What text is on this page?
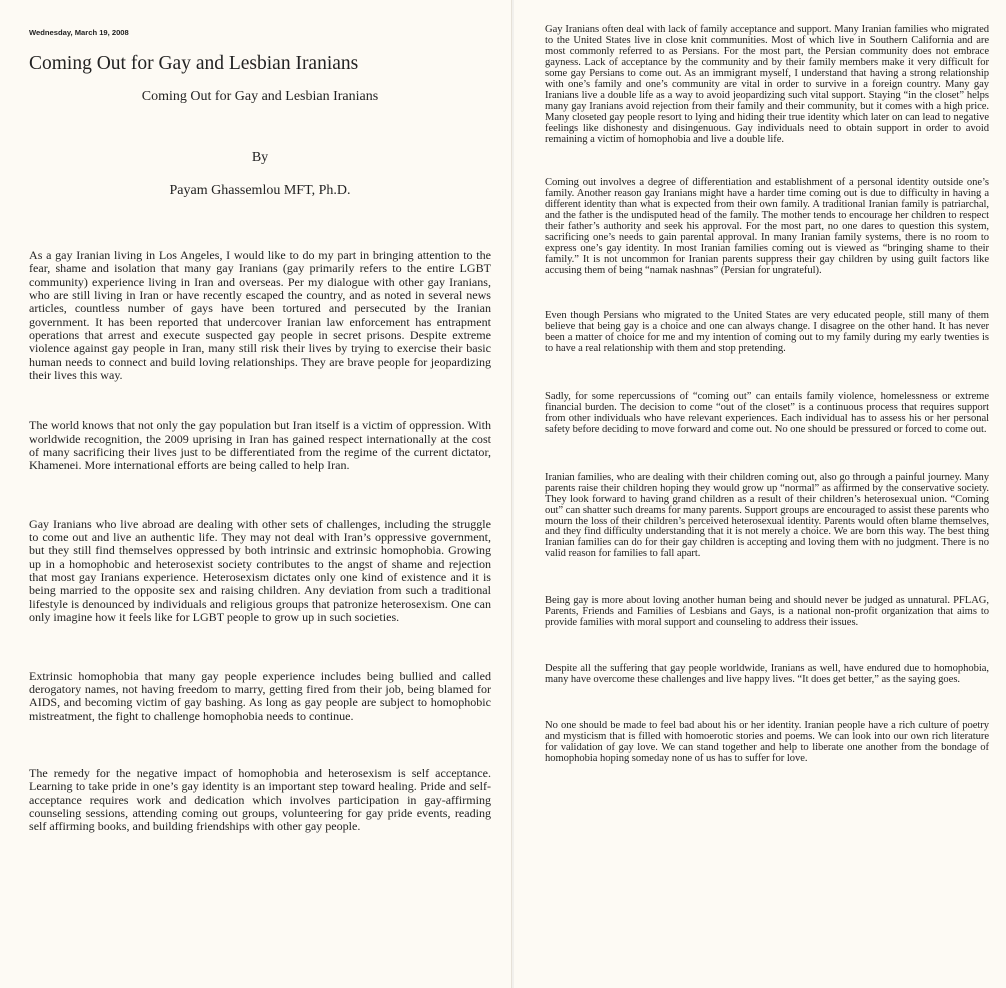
Wednesday, March 19, 2008

Coming Out for Gay and Lesbian Iranians

Coming Out for Gay and Lesbian Iranians

By

Payam Ghassemlou MFT, Ph.D.

As a gay Iranian living in Los Angeles, I would like to do my part in bringing attention to the fear, shame and isolation that many gay Iranians (gay primarily refers to the entire LGBT community) experience living in Iran and overseas. Per my dialogue with other gay Iranians, who are still living in Iran or have recently escaped the country, and as noted in several news articles, countless number of gays have been tortured and persecuted by the Iranian government. It has been reported that undercover Iranian law enforcement has entrapment operations that arrest and execute suspected gay people in secret prisons. Despite extreme violence against gay people in Iran, many still risk their lives by trying to exercise their basic human needs to connect and build loving relationships. They are brave people for jeopardizing their lives this way.

The world knows that not only the gay population but Iran itself is a victim of oppression. With worldwide recognition, the 2009 uprising in Iran has gained respect internationally at the cost of many sacrificing their lives just to be differentiated from the regime of the current dictator, Khamenei. More international efforts are being called to help Iran.

Gay Iranians who live abroad are dealing with other sets of challenges, including the struggle to come out and live an authentic life. They may not deal with Iran’s oppressive government, but they still find themselves oppressed by both intrinsic and extrinsic homophobia. Growing up in a homophobic and heterosexist society contributes to the angst of shame and rejection that most gay Iranians experience. Heterosexism dictates only one kind of existence and it is being married to the opposite sex and raising children. Any deviation from such a traditional lifestyle is denounced by individuals and religious groups that patronize heterosexism. One can only imagine how it feels like for LGBT people to grow up in such societies.

Extrinsic homophobia that many gay people experience includes being bullied and called derogatory names, not having freedom to marry, getting fired from their job, being blamed for AIDS, and becoming victim of gay bashing. As long as gay people are subject to homophobic mistreatment, the fight to challenge homophobia needs to continue.

The remedy for the negative impact of homophobia and heterosexism is self acceptance. Learning to take pride in one’s gay identity is an important step toward healing. Pride and self-acceptance requires work and dedication which involves participation in gay-affirming counseling sessions, attending coming out groups, volunteering for gay pride events, reading self affirming books, and building friendships with other gay people.

Gay Iranians often deal with lack of family acceptance and support. Many Iranian families who migrated to the United States live in close knit communities. Most of which live in Southern California and are most commonly referred to as Persians. For the most part, the Persian community does not embrace gayness. Lack of acceptance by the community and by their family members make it very difficult for some gay Persians to come out. As an immigrant myself, I understand that having a strong relationship with one’s family and one’s community are vital in order to survive in a foreign country. Many gay Iranians live a double life as a way to avoid jeopardizing such vital support. Staying “in the closet” helps many gay Iranians avoid rejection from their family and their community, but it comes with a high price. Many closeted gay people resort to lying and hiding their true identity which later on can lead to negative feelings like dishonesty and disingenuous. Gay individuals need to obtain support in order to avoid remaining a victim of homophobia and live a double life.

Coming out involves a degree of differentiation and establishment of a personal identity outside one’s family. Another reason gay Iranians might have a harder time coming out is due to difficulty in having a different identity than what is expected from their own family. A traditional Iranian family is patriarchal, and the father is the undisputed head of the family. The mother tends to encourage her children to respect their father’s authority and seek his approval. For the most part, no one dares to question this system, sacrificing one’s needs to gain parental approval. In many Iranian family systems, there is no room to express one’s gay identity. In most Iranian families coming out is viewed as “bringing shame to their family.” It is not uncommon for Iranian parents suppress their gay children by using guilt factors like accusing them of being “namak nashnas” (Persian for ungrateful).

Even though Persians who migrated to the United States are very educated people, still many of them believe that being gay is a choice and one can always change. I disagree on the other hand. It has never been a matter of choice for me and my intention of coming out to my family during my early twenties is to have a real relationship with them and stop pretending.

Sadly, for some repercussions of “coming out” can entails family violence, homelessness or extreme financial burden. The decision to come “out of the closet” is a continuous process that requires support from other individuals who have relevant experiences. Each individual has to assess his or her personal safety before deciding to move forward and come out. No one should be pressured or forced to come out.

Iranian families, who are dealing with their children coming out, also go through a painful journey. Many parents raise their children hoping they would grow up “normal” as affirmed by the conservative society. They look forward to having grand children as a result of their children’s heterosexual union. “Coming out” can shatter such dreams for many parents. Support groups are encouraged to assist these parents who mourn the loss of their children’s perceived heterosexual identity. Parents would often blame themselves, and they find difficulty understanding that it is not merely a choice. We are born this way. The best thing Iranian families can do for their gay children is accepting and loving them with no judgment. There is no valid reason for families to fall apart.

Being gay is more about loving another human being and should never be judged as unnatural. PFLAG, Parents, Friends and Families of Lesbians and Gays, is a national non-profit organization that aims to provide families with moral support and counseling to address their issues.

Despite all the suffering that gay people worldwide, Iranians as well, have endured due to homophobia, many have overcome these challenges and live happy lives. “It does get better,” as the saying goes.

No one should be made to feel bad about his or her identity. Iranian people have a rich culture of poetry and mysticism that is filled with homoerotic stories and poems. We can look into our own rich literature for validation of gay love. We can stand together and help to liberate one another from the bondage of homophobia hoping someday none of us has to suffer for love.
